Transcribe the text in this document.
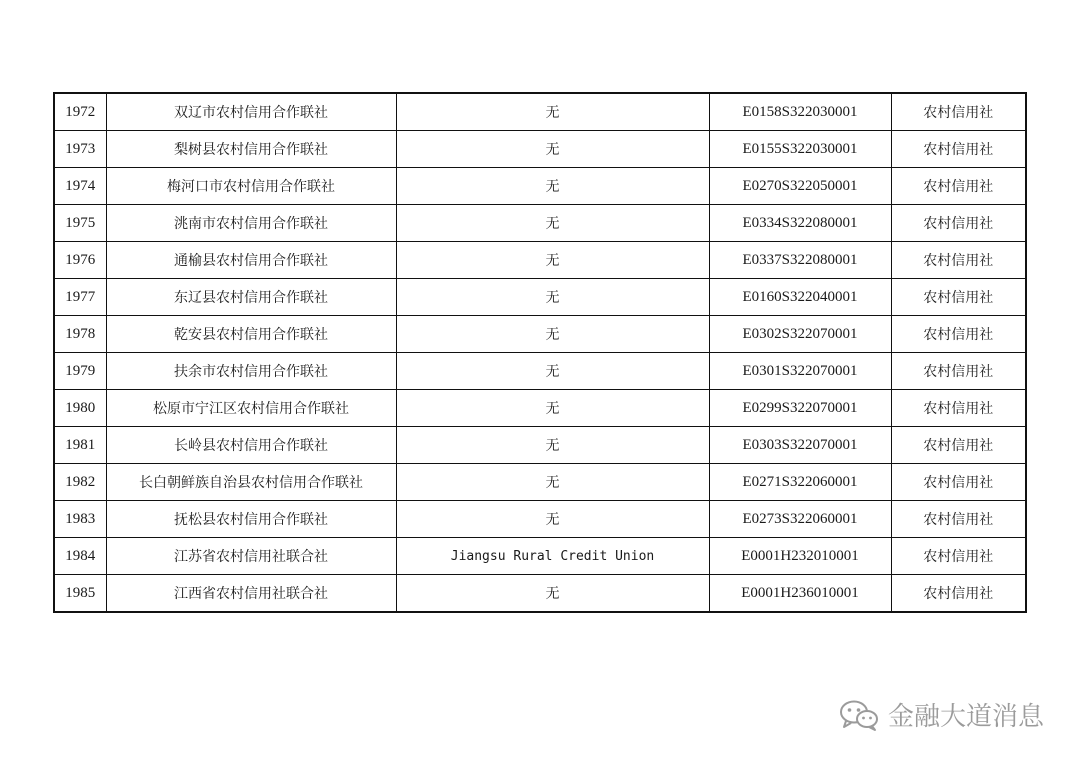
1972	双辽市农村信用合作联社	无	E0158S322030001	农村信用社
1973	梨树县农村信用合作联社	无	E0155S322030001	农村信用社
1974	梅河口市农村信用合作联社	无	E0270S322050001	农村信用社
1975	洮南市农村信用合作联社	无	E0334S322080001	农村信用社
1976	通榆县农村信用合作联社	无	E0337S322080001	农村信用社
1977	东辽县农村信用合作联社	无	E0160S322040001	农村信用社
1978	乾安县农村信用合作联社	无	E0302S322070001	农村信用社
1979	扶余市农村信用合作联社	无	E0301S322070001	农村信用社
1980	松原市宁江区农村信用合作联社	无	E0299S322070001	农村信用社
1981	长岭县农村信用合作联社	无	E0303S322070001	农村信用社
1982	长白朝鲜族自治县农村信用合作联社	无	E0271S322060001	农村信用社
1983	抚松县农村信用合作联社	无	E0273S322060001	农村信用社
1984	江苏省农村信用社联合社	Jiangsu Rural Credit Union	E0001H232010001	农村信用社
1985	江西省农村信用社联合社	无	E0001H236010001	农村信用社
金融大道消息
